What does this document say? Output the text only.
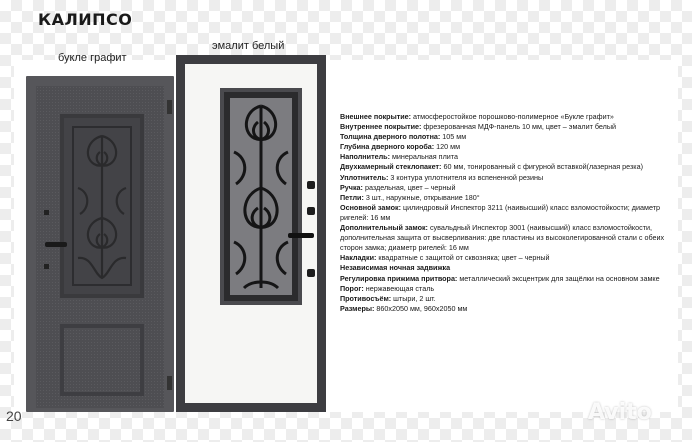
КАЛИПСО
букле графит
эмалит белый

Внешнее покрытие: атмосферостойкое порошково-полимерное «Букле графит»

Внутреннее покрытие: фрезерованная МДФ-панель 10 мм, цвет – эмалит белый

Толщина дверного полотна: 105 мм

Глубина дверного короба: 120 мм

Наполнитель: минеральная плита

Двухкамерный стеклопакет: 60 мм, тонированный с фигурной вставкой(лазерная резка)

Уплотнитель: 3 контура уплотнителя из вспененной резины

Ручка: раздельная, цвет – черный

Петли: 3 шт., наружные, открывание 180°

Основной замок: цилиндровый Инспектор 3211 (наивысший) класс взломостойкости; диаметр ригелей: 16 мм

Дополнительный замок: сувальдный Инспектор 3001 (наивысший) класс взломостойкости, дополнительная защита от высверливания: две пластины из высоколегированной стали с обеих сторон замка; диаметр ригелей: 16 мм

Накладки: квадратные с защитой от сквозняка; цвет – черный

Независимая ночная задвижка

Регулировка прижима притвора: металлический эксцентрик для защёлки на основном замке

Порог: нержавеющая сталь

Противосъём: штыри, 2 шт.

Размеры: 860х2050 мм, 960х2050 мм

20	Avito
